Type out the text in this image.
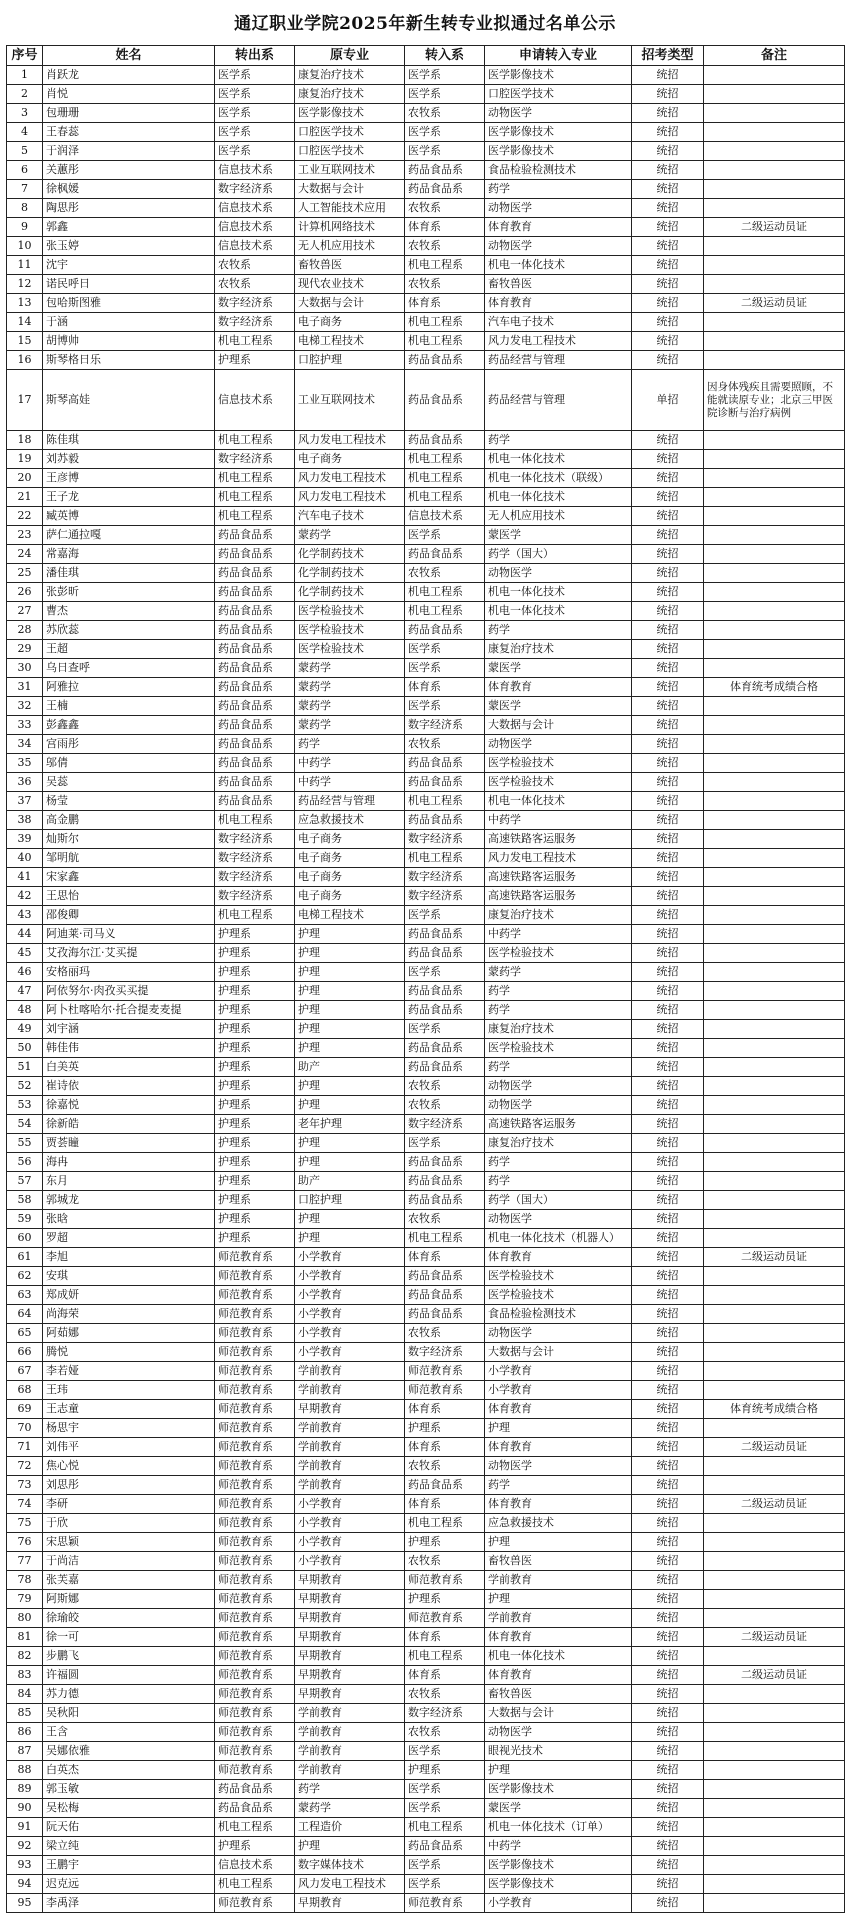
通辽职业学院2025年新生转专业拟通过名单公示
序号	姓名	转出系	原专业	转入系	申请转入专业	招考类型	备注
1	肖跃龙	医学系	康复治疗技术	医学系	医学影像技术	统招	
2	肖悦	医学系	康复治疗技术	医学系	口腔医学技术	统招	
3	包珊珊	医学系	医学影像技术	农牧系	动物医学	统招	
4	王春蕊	医学系	口腔医学技术	医学系	医学影像技术	统招	
5	于润泽	医学系	口腔医学技术	医学系	医学影像技术	统招	
6	关蕙彤	信息技术系	工业互联网技术	药品食品系	食品检验检测技术	统招	
7	徐枫媛	数字经济系	大数据与会计	药品食品系	药学	统招	
8	陶思彤	信息技术系	人工智能技术应用	农牧系	动物医学	统招	
9	郭鑫	信息技术系	计算机网络技术	体育系	体育教育	统招	二级运动员证
10	张玉婷	信息技术系	无人机应用技术	农牧系	动物医学	统招	
11	沈宇	农牧系	畜牧兽医	机电工程系	机电一体化技术	统招	
12	诺民呼日	农牧系	现代农业技术	农牧系	畜牧兽医	统招	
13	包哈斯图雅	数字经济系	大数据与会计	体育系	体育教育	统招	二级运动员证
14	于涵	数字经济系	电子商务	机电工程系	汽车电子技术	统招	
15	胡博帅	机电工程系	电梯工程技术	机电工程系	风力发电工程技术	统招	
16	斯琴格日乐	护理系	口腔护理	药品食品系	药品经营与管理	统招	
17	斯琴高娃	信息技术系	工业互联网技术	药品食品系	药品经营与管理	单招	因身体残疾且需要照顾，不能就读原专业；北京三甲医院诊断与治疗病例
18	陈佳琪	机电工程系	风力发电工程技术	药品食品系	药学	统招	
19	刘苏毅	数字经济系	电子商务	机电工程系	机电一体化技术	统招	
20	王彦博	机电工程系	风力发电工程技术	机电工程系	机电一体化技术（联级）	统招	
21	王子龙	机电工程系	风力发电工程技术	机电工程系	机电一体化技术	统招	
22	臧英博	机电工程系	汽车电子技术	信息技术系	无人机应用技术	统招	
23	萨仁通拉嘎	药品食品系	蒙药学	医学系	蒙医学	统招	
24	常嘉海	药品食品系	化学制药技术	药品食品系	药学（国大）	统招	
25	潘佳琪	药品食品系	化学制药技术	农牧系	动物医学	统招	
26	张彭昕	药品食品系	化学制药技术	机电工程系	机电一体化技术	统招	
27	曹杰	药品食品系	医学检验技术	机电工程系	机电一体化技术	统招	
28	苏欣蕊	药品食品系	医学检验技术	药品食品系	药学	统招	
29	王超	药品食品系	医学检验技术	医学系	康复治疗技术	统招	
30	乌日查呼	药品食品系	蒙药学	医学系	蒙医学	统招	
31	阿雅拉	药品食品系	蒙药学	体育系	体育教育	统招	体育统考成绩合格
32	王楠	药品食品系	蒙药学	医学系	蒙医学	统招	
33	彭鑫鑫	药品食品系	蒙药学	数字经济系	大数据与会计	统招	
34	宫雨彤	药品食品系	药学	农牧系	动物医学	统招	
35	邬倩	药品食品系	中药学	药品食品系	医学检验技术	统招	
36	吴蕊	药品食品系	中药学	药品食品系	医学检验技术	统招	
37	杨莹	药品食品系	药品经营与管理	机电工程系	机电一体化技术	统招	
38	高金鹏	机电工程系	应急救援技术	药品食品系	中药学	统招	
39	灿斯尔	数字经济系	电子商务	数字经济系	高速铁路客运服务	统招	
40	邹明航	数字经济系	电子商务	机电工程系	风力发电工程技术	统招	
41	宋家鑫	数字经济系	电子商务	数字经济系	高速铁路客运服务	统招	
42	王思怡	数字经济系	电子商务	数字经济系	高速铁路客运服务	统招	
43	邵俊卿	机电工程系	电梯工程技术	医学系	康复治疗技术	统招	
44	阿迪莱·司马义	护理系	护理	药品食品系	中药学	统招	
45	艾孜海尔江·艾买提	护理系	护理	药品食品系	医学检验技术	统招	
46	安格丽玛	护理系	护理	医学系	蒙药学	统招	
47	阿依努尔·肉孜买买提	护理系	护理	药品食品系	药学	统招	
48	阿卜杜喀哈尔·托合提麦麦提	护理系	护理	药品食品系	药学	统招	
49	刘宇涵	护理系	护理	医学系	康复治疗技术	统招	
50	韩佳伟	护理系	护理	药品食品系	医学检验技术	统招	
51	白美英	护理系	助产	药品食品系	药学	统招	
52	崔诗依	护理系	护理	农牧系	动物医学	统招	
53	徐嘉悦	护理系	护理	农牧系	动物医学	统招	
54	徐新皓	护理系	老年护理	数字经济系	高速铁路客运服务	统招	
55	贾荟瞳	护理系	护理	医学系	康复治疗技术	统招	
56	海冉	护理系	护理	药品食品系	药学	统招	
57	东月	护理系	助产	药品食品系	药学	统招	
58	郭城龙	护理系	口腔护理	药品食品系	药学（国大）	统招	
59	张晗	护理系	护理	农牧系	动物医学	统招	
60	罗超	护理系	护理	机电工程系	机电一体化技术（机器人）	统招	
61	李旭	师范教育系	小学教育	体育系	体育教育	统招	二级运动员证
62	安琪	师范教育系	小学教育	药品食品系	医学检验技术	统招	
63	郑成妍	师范教育系	小学教育	药品食品系	医学检验技术	统招	
64	尚海荣	师范教育系	小学教育	药品食品系	食品检验检测技术	统招	
65	阿茹娜	师范教育系	小学教育	农牧系	动物医学	统招	
66	腾悦	师范教育系	小学教育	数字经济系	大数据与会计	统招	
67	李若娅	师范教育系	学前教育	师范教育系	小学教育	统招	
68	王玮	师范教育系	学前教育	师范教育系	小学教育	统招	
69	王志童	师范教育系	早期教育	体育系	体育教育	统招	体育统考成绩合格
70	杨思宇	师范教育系	学前教育	护理系	护理	统招	
71	刘伟平	师范教育系	学前教育	体育系	体育教育	统招	二级运动员证
72	焦心悦	师范教育系	学前教育	农牧系	动物医学	统招	
73	刘思彤	师范教育系	学前教育	药品食品系	药学	统招	
74	李研	师范教育系	小学教育	体育系	体育教育	统招	二级运动员证
75	于欣	师范教育系	小学教育	机电工程系	应急救援技术	统招	
76	宋思颖	师范教育系	小学教育	护理系	护理	统招	
77	于尚洁	师范教育系	小学教育	农牧系	畜牧兽医	统招	
78	张芙嘉	师范教育系	早期教育	师范教育系	学前教育	统招	
79	阿斯娜	师范教育系	早期教育	护理系	护理	统招	
80	徐瑜皎	师范教育系	早期教育	师范教育系	学前教育	统招	
81	徐一可	师范教育系	早期教育	体育系	体育教育	统招	二级运动员证
82	步鹏飞	师范教育系	早期教育	机电工程系	机电一体化技术	统招	
83	许福圆	师范教育系	早期教育	体育系	体育教育	统招	二级运动员证
84	苏力德	师范教育系	早期教育	农牧系	畜牧兽医	统招	
85	吴秋阳	师范教育系	学前教育	数字经济系	大数据与会计	统招	
86	王含	师范教育系	学前教育	农牧系	动物医学	统招	
87	吴娜依雅	师范教育系	学前教育	医学系	眼视光技术	统招	
88	白英杰	师范教育系	学前教育	护理系	护理	统招	
89	郭玉敏	药品食品系	药学	医学系	医学影像技术	统招	
90	吴松梅	药品食品系	蒙药学	医学系	蒙医学	统招	
91	阮天佑	机电工程系	工程造价	机电工程系	机电一体化技术（订单）	统招	
92	梁立纯	护理系	护理	药品食品系	中药学	统招	
93	王鹏宇	信息技术系	数字媒体技术	医学系	医学影像技术	统招	
94	迟克远	机电工程系	风力发电工程技术	医学系	医学影像技术	统招	
95	李禹泽	师范教育系	早期教育	师范教育系	小学教育	统招	
